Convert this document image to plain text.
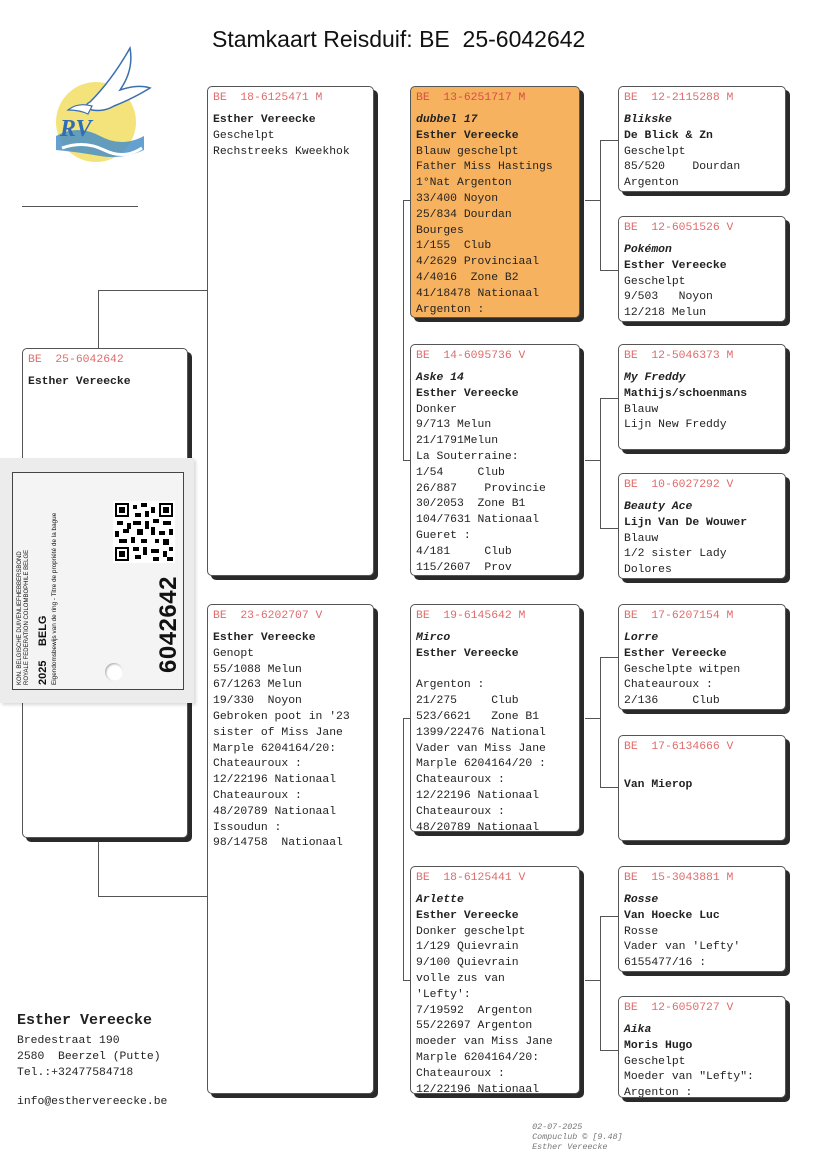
Stamkaart Reisduif: BE  25-6042642
RV
BE  25-6042642
Esther Vereecke
BE  18-6125471 M
Esther Vereecke
Geschelpt
Rechstreeks Kweekhok
BE  23-6202707 V
Esther Vereecke
Genopt
55/1088 Melun
67/1263 Melun
19/330  Noyon
Gebroken poot in '23
sister of Miss Jane
Marple 6204164/20:
Chateauroux :
12/22196 Nationaal
Chateauroux :
48/20789 Nationaal
Issoudun :
98/14758  Nationaal
BE  13-6251717 M
dubbel 17
Esther Vereecke
Blauw geschelpt
Father Miss Hastings
1°Nat Argenton
33/400 Noyon
25/834 Dourdan
Bourges
1/155  Club
4/2629 Provinciaal
4/4016  Zone B2
41/18478 Nationaal
Argenton :
BE  14-6095736 V
Aske 14
Esther Vereecke
Donker
9/713 Melun
21/1791Melun
La Souterraine:
1/54     Club
26/887    Provincie
30/2053  Zone B1
104/7631 Nationaal
Gueret :
4/181     Club
115/2607  Prov
BE  19-6145642 M
Mirco
Esther Vereecke

Argenton :
21/275     Club
523/6621   Zone B1
1399/22476 National
Vader van Miss Jane
Marple 6204164/20 :
Chateauroux :
12/22196 Nationaal
Chateauroux :
48/20789 Nationaal
BE  18-6125441 V
Arlette
Esther Vereecke
Donker geschelpt
1/129 Quievrain
9/100 Quievrain
volle zus van
'Lefty':
7/19592  Argenton
55/22697 Argenton
moeder van Miss Jane
Marple 6204164/20:
Chateauroux :
12/22196 Nationaal
BE  12-2115288 M
Blikske
De Blick & Zn
Geschelpt
85/520    Dourdan
Argenton
BE  12-6051526 V
Pokémon
Esther Vereecke
Geschelpt
9/503   Noyon
12/218 Melun
BE  12-5046373 M
My Freddy
Mathijs/schoenmans
Blauw
Lijn New Freddy
BE  10-6027292 V
Beauty Ace
Lijn Van De Wouwer
Blauw
1/2 sister Lady
Dolores
BE  17-6207154 M
Lorre
Esther Vereecke
Geschelpte witpen
Chateauroux :
2/136     Club
BE  17-6134666 V

Van Mierop
BE  15-3043881 M
Rosse
Van Hoecke Luc
Rosse
Vader van 'Lefty'
6155477/16 :
BE  12-6050727 V
Aika
Moris Hugo
Geschelpt
Moeder van "Lefty":
Argenton :
KON. BELGISCHE DUIVENLIEFHEBBERSBOND ROYALE FEDERATION COLOMBOPHILE BELGE 2025 BELG Eigendomsbewijs van de ring - Titre de propriété de la bague	6042642
Esther Vereecke
Bredestraat 190
2580  Beerzel (Putte)
Tel.:+32477584718
info@esthervereecke.be

02-07-2025
Compuclub © [9.48]
Esther Vereecke
